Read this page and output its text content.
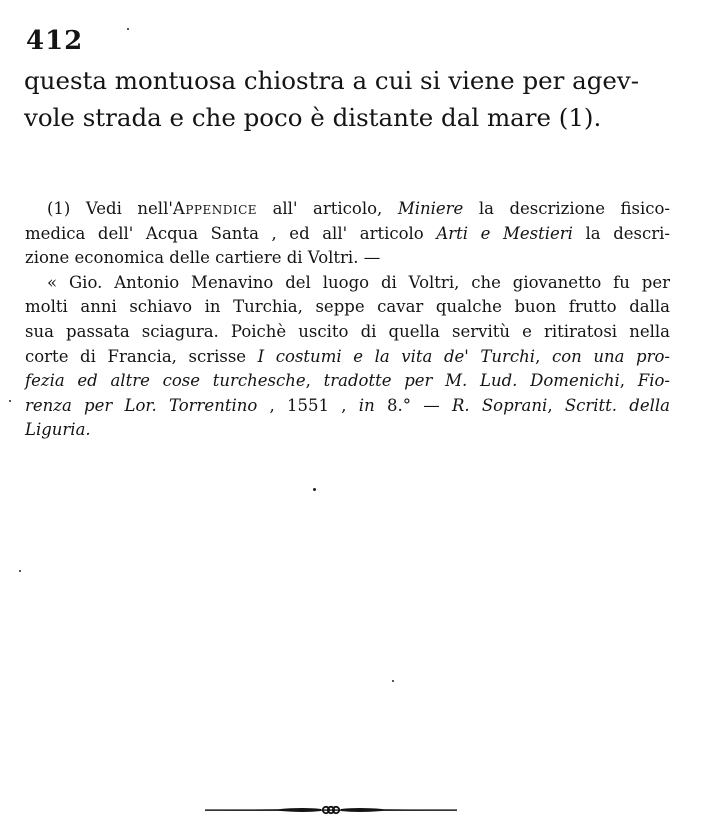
412
questa montuosa chiostra a cui si viene per agev-
vole strada e che poco è distante dal mare (1).
(1) Vedi nell'Appendice all' articolo, Miniere la descrizione fisico-
medica dell' Acqua Santa , ed all' articolo Arti e Mestieri la descri-
zione economica delle cartiere di Voltri. —
« Gio. Antonio Menavino del luogo di Voltri, che giovanetto fu per
molti anni schiavo in Turchia, seppe cavar qualche buon frutto dalla
sua passata sciagura. Poichè uscito di quella servitù e ritiratosi nella
corte di Francia, scrisse I costumi e la vita de' Turchi, con una pro-
fezia ed altre cose turchesche, tradotte per M. Lud. Domenichi, Fio-
renza per Lor. Torrentino , 1551 , in 8.° — R. Soprani, Scritt. della
Liguria.
